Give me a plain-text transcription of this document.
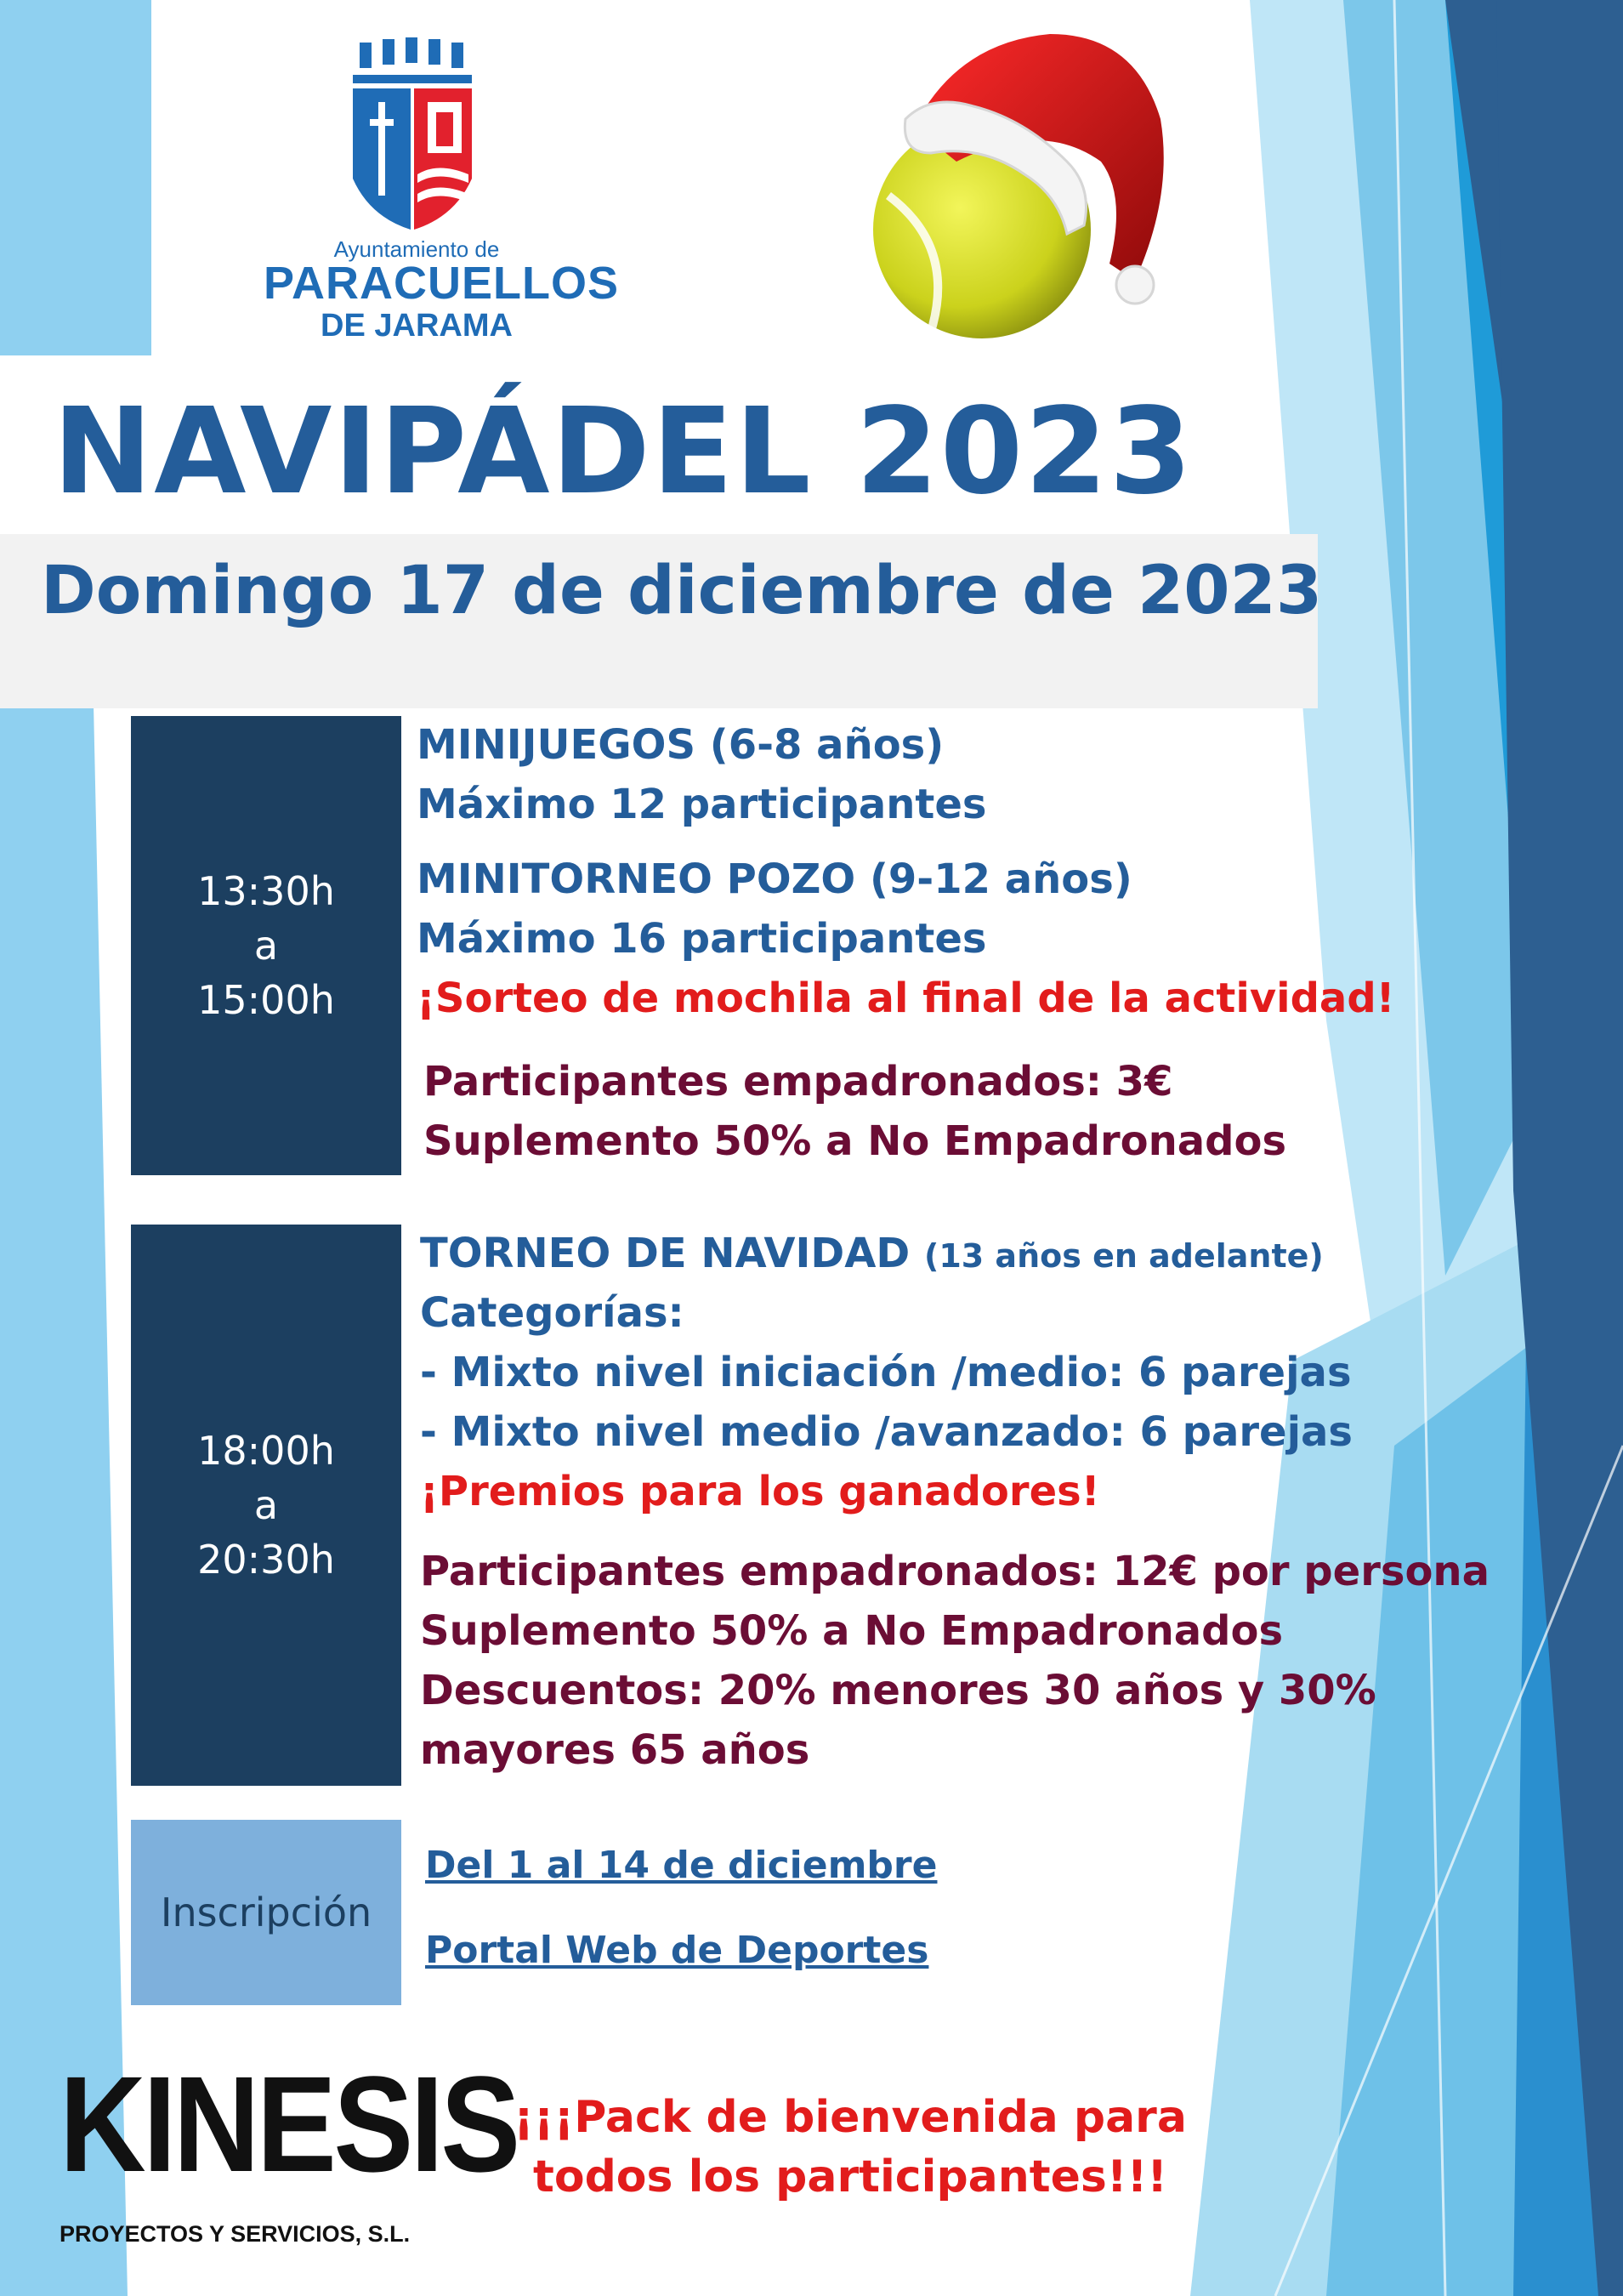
Ayuntamiento de
PARACUELLOS
DE JARAMA
NAVIPÁDEL 2023
Domingo 17 de diciembre de 2023
13:30h
a
15:00h
MINIJUEGOS (6-8 años)
Máximo 12 participantes
MINITORNEO POZO (9-12 años)
Máximo 16 participantes
¡Sorteo de mochila al final de la actividad!
Participantes empadronados: 3€
Suplemento 50% a No Empadronados
18:00h
a
20:30h
TORNEO DE NAVIDAD (13 años en adelante)
Categorías:
- Mixto nivel iniciación /medio: 6 parejas
- Mixto nivel medio /avanzado: 6 parejas
¡Premios para los ganadores!
Participantes empadronados: 12€ por persona
Suplemento 50% a No Empadronados
Descuentos: 20% menores 30 años y 30%
mayores 65 años
Inscripción
Del 1 al 14 de diciembre
Portal Web de Deportes
KINESIS
PROYECTOS Y SERVICIOS, S.L.
¡¡¡Pack de bienvenida para
todos los participantes!!!
